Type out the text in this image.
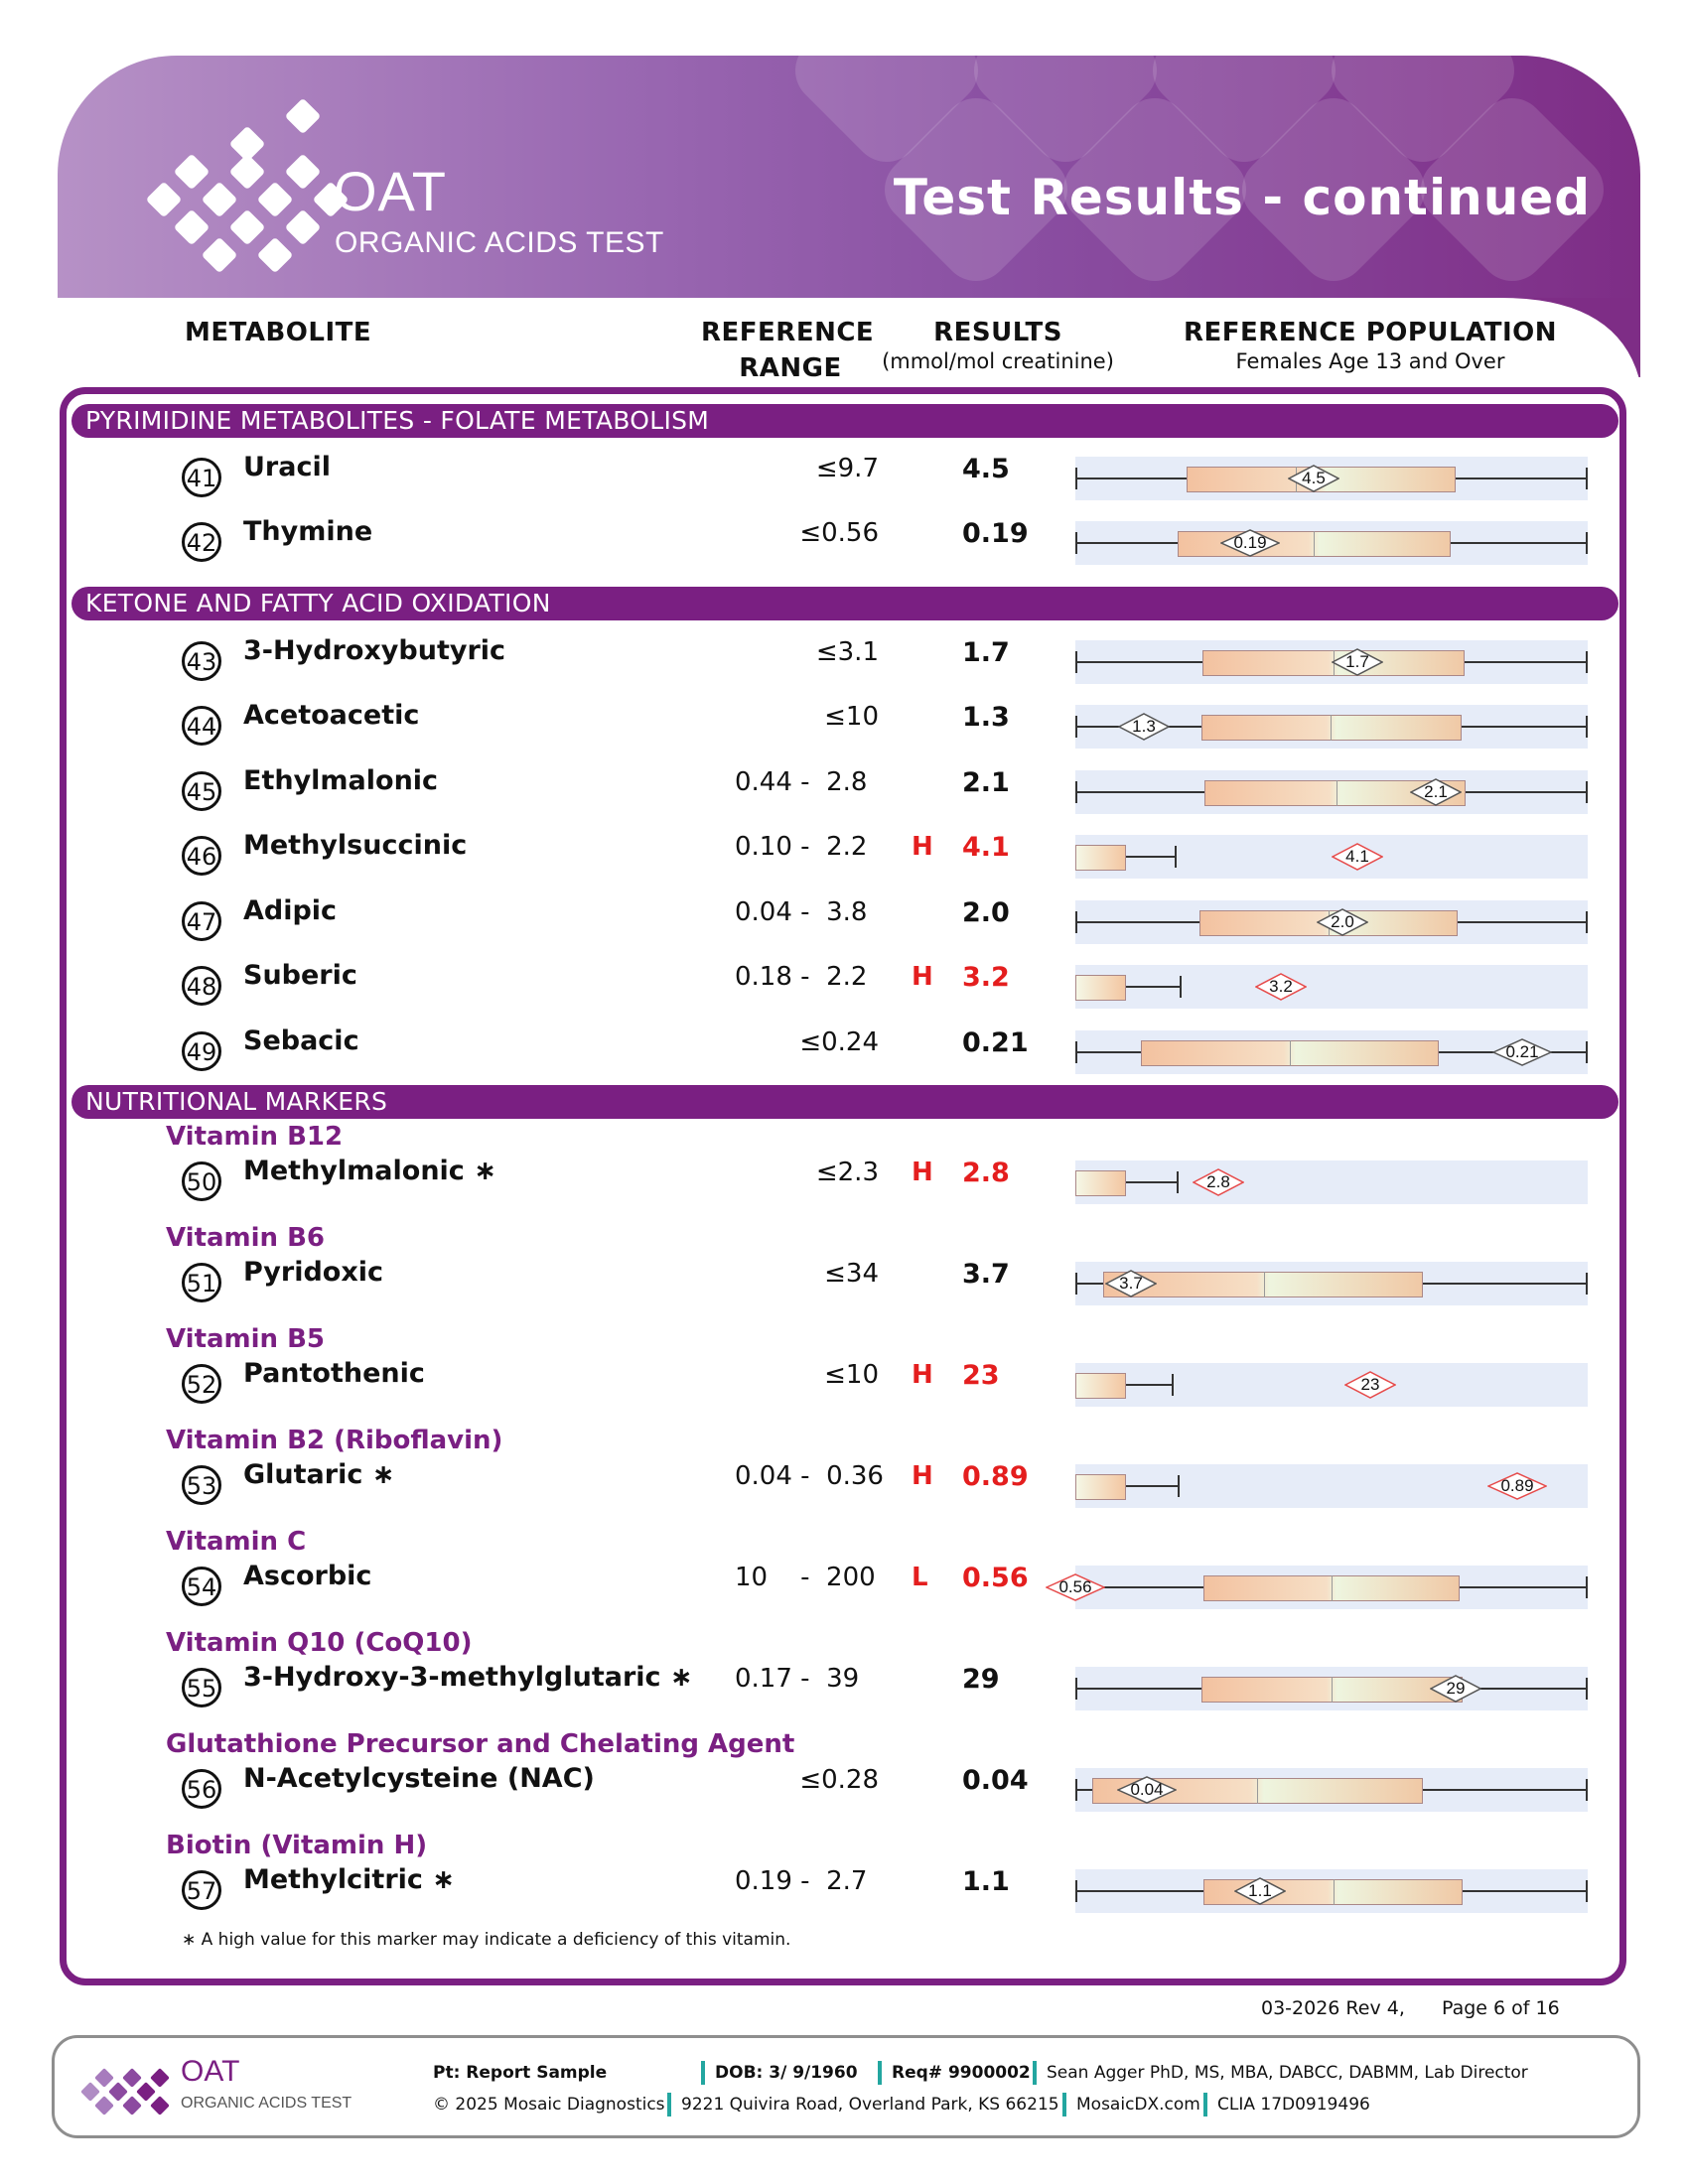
OAT
ORGANIC ACIDS TEST
Test Results - continued
METABOLITE	REFERENCE
RANGE
RESULTS
(mmol/mol creatinine)
REFERENCE POPULATION
Females Age 13 and Over
PYRIMIDINE METABOLITES - FOLATE METABOLISM
KETONE AND FATTY ACID OXIDATION
NUTRITIONAL MARKERS
41 Uracil	≤9.7	4.5	4.5
42 Thymine	≤0.56	0.19	0.19
43 3-Hydroxybutyric	≤3.1	1.7	1.7
44 Acetoacetic	≤10	1.3	1.3
45 Ethylmalonic	0.44 -  2.8	2.1	2.1
46 Methylsuccinic	0.10 -  2.2	H 4.1	4.1
47 Adipic	0.04 -  3.8	2.0	2.0
48 Suberic	0.18 -  2.2	H 3.2	3.2
49 Sebacic	≤0.24	0.21	0.21
Vitamin B12
50 Methylmalonic ∗	≤2.3 H 2.8	2.8
Vitamin B6
51 Pyridoxic	≤34	3.7	3.7
Vitamin B5
52 Pantothenic	≤10 H 23	23
Vitamin B2 (Riboflavin)
53 Glutaric ∗	0.04 -  0.36	H 0.89	0.89
Vitamin C
54 Ascorbic	10    -  200	L 0.56	0.56
Vitamin Q10 (CoQ10)
55 3-Hydroxy-3-methylglutaric ∗ 0.17 -  39	29	29
Glutathione Precursor and Chelating Agent
56 N-Acetylcysteine (NAC)	≤0.28	0.04	0.04
Biotin (Vitamin H)
57 Methylcitric ∗	0.19 -  2.7	1.1	1.1
∗ A high value for this marker may indicate a deficiency of this vitamin.
03-2026 Rev 4, Page 6 of 16
OAT
ORGANIC ACIDS TEST
Pt: Report Sample	DOB: 3/ 9/1960 Req# 9900002 Sean Agger PhD, MS, MBA, DABCC, DABMM, Lab Director
© 2025 Mosaic Diagnostics 9221 Quivira Road, Overland Park, KS 66215 MosaicDX.com CLIA 17D0919496
